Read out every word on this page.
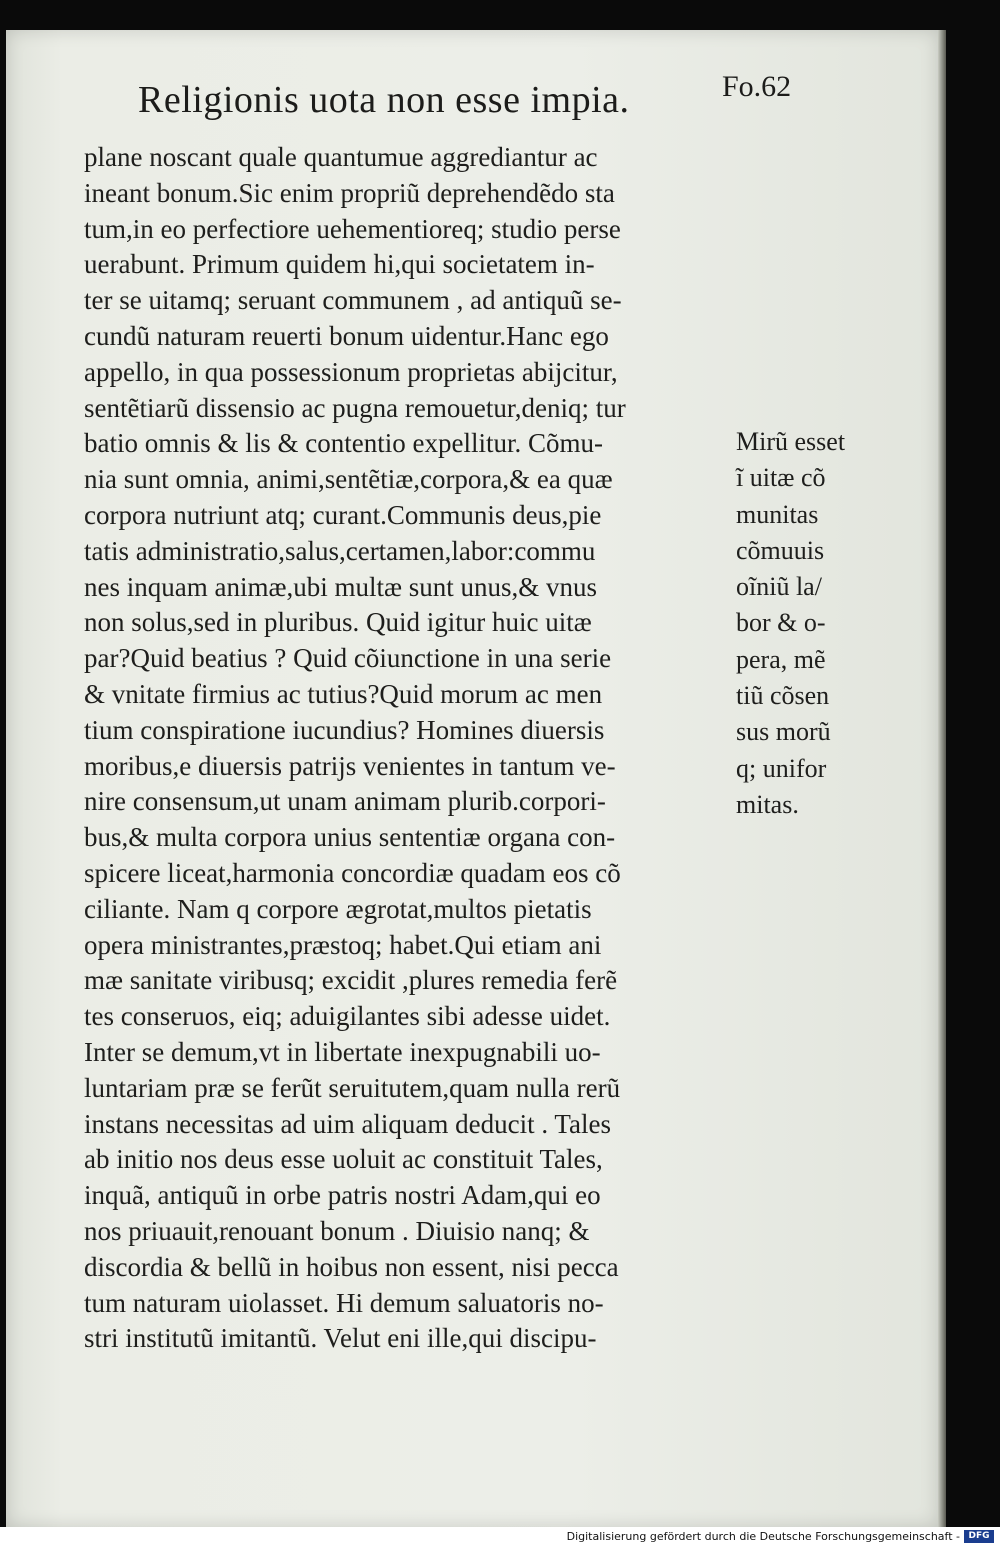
Religionis uota non esse impia.	Fo.62
plane noscant quale quantumue aggrediantur ac
ineant bonum.Sic enim propriũ deprehendẽdo sta
tum,in eo perfectiore uehementioreq; studio perse
uerabunt. Primum quidem hi,qui societatem in-
ter se uitamq; seruant communem , ad antiquũ se-
cundũ naturam reuerti bonum uidentur.Hanc ego
appello, in qua possessionum proprietas abijcitur,
sentẽtiarũ dissensio ac pugna remouetur,deniq; tur
batio omnis & lis & contentio expellitur. Cõmu-
nia sunt omnia, animi,sentẽtiæ,corpora,& ea quæ
corpora nutriunt atq; curant.Communis deus,pie
tatis administratio,salus,certamen,labor:commu
nes inquam animæ,ubi multæ sunt unus,& vnus
non solus,sed in pluribus. Quid igitur huic uitæ
par?Quid beatius ? Quid cõiunctione in una serie
& vnitate firmius ac tutius?Quid morum ac men
tium conspiratione iucundius? Homines diuersis
moribus,e diuersis patrijs venientes in tantum ve-
nire consensum,ut unam animam plurib.corpori-
bus,& multa corpora unius sententiæ organa con-
spicere liceat,harmonia concordiæ quadam eos cõ
ciliante. Nam q corpore ægrotat,multos pietatis
opera ministrantes,præstoq; habet.Qui etiam ani
mæ sanitate viribusq; excidit ,plures remedia ferẽ
tes conseruos, eiq; aduigilantes sibi adesse uidet.
Inter se demum,vt in libertate inexpugnabili uo-
luntariam præ se ferũt seruitutem,quam nulla rerũ
instans necessitas ad uim aliquam deducit . Tales
ab initio nos deus esse uoluit ac constituit Tales,
inquã, antiquũ in orbe patris nostri Adam,qui eo
nos priuauit,renouant bonum . Diuisio nanq; &
discordia & bellũ in hoibus non essent, nisi pecca
tum naturam uiolasset. Hi demum saluatoris no-
stri institutũ imitantũ. Velut eni ille,qui discipu-
Mirũ esset
ĩ uitæ cõ
munitas
cõmuuis
oĩniũ la/
bor & o-
pera, mẽ
tiũ cõsen
sus morũ
q; unifor
mitas.
Digitalisierung gefördert durch die Deutsche Forschungsgemeinschaft - DFG
